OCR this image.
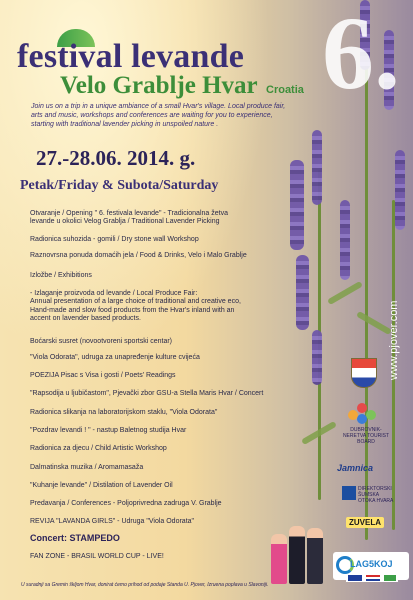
festival levande
Velo Grablje Hvar Croatia 6.
Join us on a trip in a unique ambiance of a small Hvar's village. Local produce fair, arts and music, workshops and conferences are waiting for you to experience, starting with traditional lavender picking in unspoiled nature .
27.-28.06. 2014. g.
Petak/Friday & Subota/Saturday
www.pjover.com
Otvaranje / Opening " 6. festivala levande" - Tradicionalna žetva
levande u okolici Velog Grablja / Traditional Lavender Picking
Radionica suhozida - gomili / Dry stone wall Workshop
Raznovrsna ponuda domaćih jela / Food & Drinks, Velo i Malo Grablje
Izložbe / Exhibitions
- Izlaganje proizvoda od levande / Local Produce Fair:
Annual presentation of a large choice of traditional and creative eco,
Hand-made and slow food products from the Hvar's inland with an
accent on lavender based products.
Boćarski susret (novootvoreni sportski centar)
"Viola Odorata", udruga za unapređenje kulture cvijeća
POEZIJA Pisac s Visa i gosti / Poets' Readings
"Rapsodija u ljubičastom", Pjevački zbor GSU-a Stella Maris Hvar / Concert
Radionica slikanja na laboratorijskom staklu, "Viola Odorata"
"Pozdrav levandi ! " - nastup Baletnog studija Hvar
Radionica za djecu / Child Artistic Workshop
Dalmatinska muzika / Aromamasaža
"Kuhanje levande" / Distilation of Lavender Oil
Predavanja / Conferences - Poljoprivredna zadruga V. Grablje
REVIJA "LAVANDA GIRLS" - Udruga "Viola Odorata"
Concert: STAMPEDO
FAN ZONE - BRASIL WORLD CUP - LIVE!
DUBROVNIK-NERETVA TOURIST BOARD
Jamnica
DIREKTORSKI ŠUMSKA OTOKA HVARA
ZUVELA
LAG5KOJ
U suradnji sa Gremin škljom Hvar, donirat ćemo prihod od podaje Standa U. Pjover, Izruena poplava u Slavoniji.
